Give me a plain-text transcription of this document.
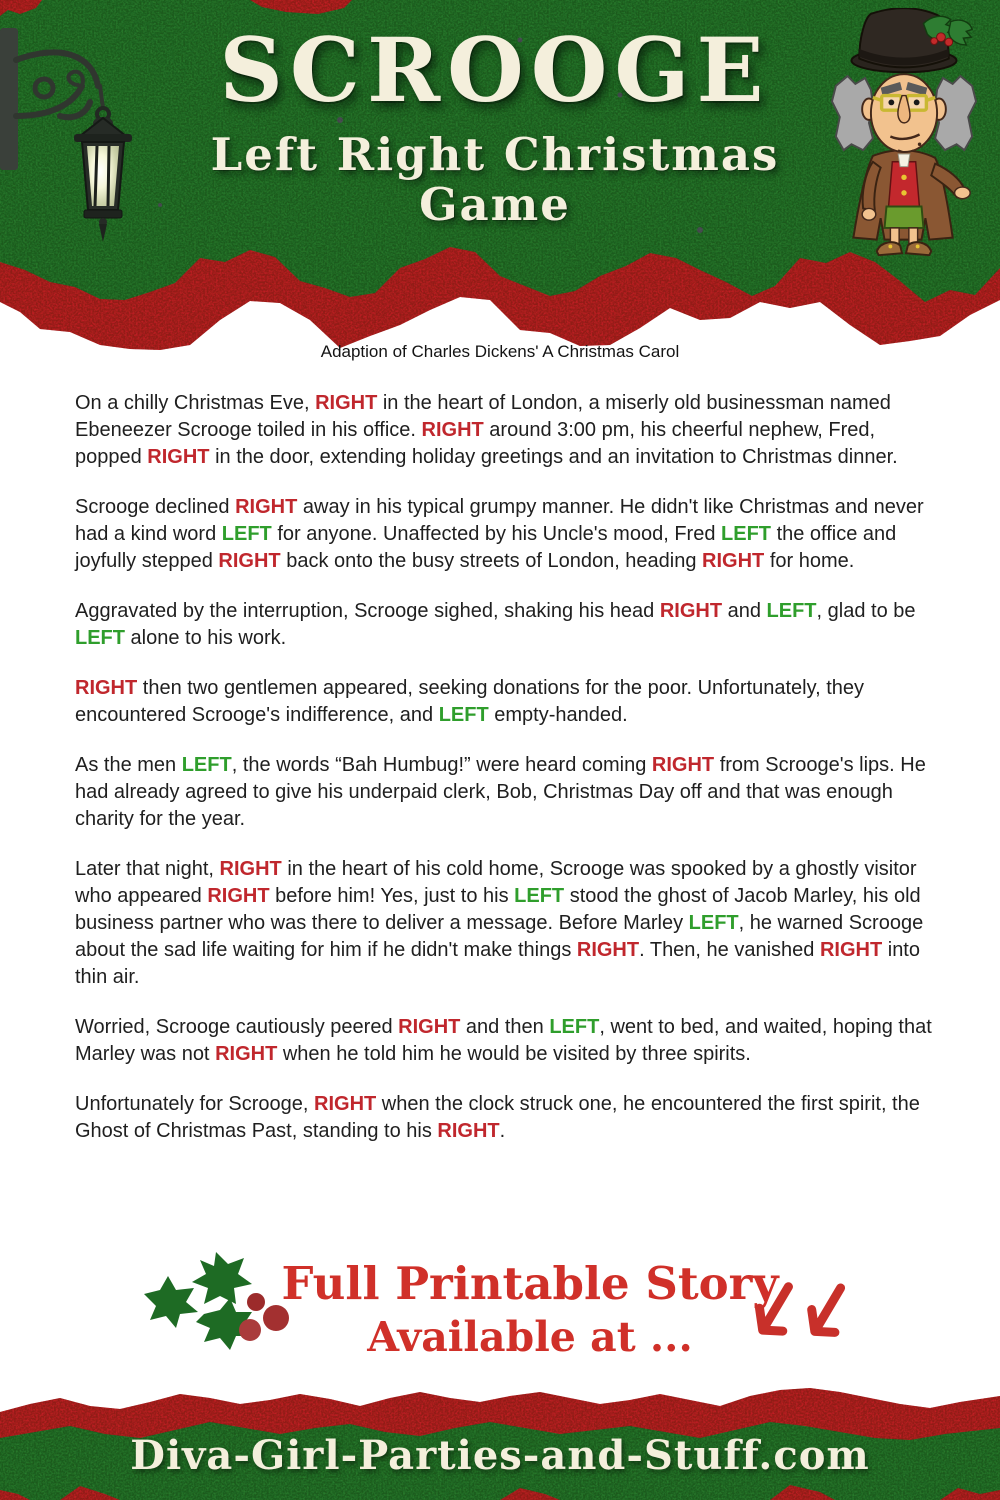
SCROOGE
Left Right Christmas Game
Adaption of Charles Dickens' A Christmas Carol

On a chilly Christmas Eve, RIGHT in the heart of London, a miserly old businessman named Ebeneezer Scrooge toiled in his office. RIGHT around 3:00 pm, his cheerful nephew, Fred, popped RIGHT in the door, extending holiday greetings and an invitation to Christmas dinner.

Scrooge declined RIGHT away in his typical grumpy manner. He didn't like Christmas and never had a kind word LEFT for anyone. Unaffected by his Uncle's mood, Fred LEFT the office and joyfully stepped RIGHT back onto the busy streets of London, heading RIGHT for home.

Aggravated by the interruption, Scrooge sighed, shaking his head RIGHT and LEFT, glad to be LEFT alone to his work.

RIGHT then two gentlemen appeared, seeking donations for the poor. Unfortunately, they encountered Scrooge's indifference, and LEFT empty-handed.

As the men LEFT, the words “Bah Humbug!” were heard coming RIGHT from Scrooge's lips. He had already agreed to give his underpaid clerk, Bob, Christmas Day off and that was enough charity for the year.

Later that night, RIGHT in the heart of his cold home, Scrooge was spooked by a ghostly visitor who appeared RIGHT before him! Yes, just to his LEFT stood the ghost of Jacob Marley, his old business partner who was there to deliver a message. Before Marley LEFT, he warned Scrooge about the sad life waiting for him if he didn't make things RIGHT. Then, he vanished RIGHT into thin air.

Worried, Scrooge cautiously peered RIGHT and then LEFT, went to bed, and waited, hoping that Marley was not RIGHT when he told him he would be visited by three spirits.

Unfortunately for Scrooge, RIGHT when the clock struck one, he encountered the first spirit, the Ghost of Christmas Past, standing to his RIGHT.

Full Printable Story

Available at ...

Diva-Girl-Parties-and-Stuff.com
